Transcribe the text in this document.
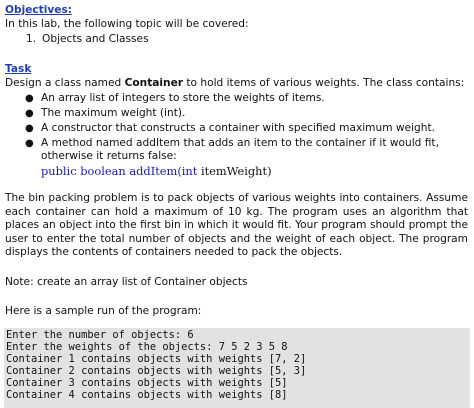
Objectives:
In this lab, the following topic will be covered:
1. Objects and Classes
Task
Design a class named Container to hold items of various weights. The class contains:
● An array list of integers to store the weights of items.
● The maximum weight (int).
● A constructor that constructs a container with specified maximum weight.
● A method named addItem that adds an item to the container if it would fit, otherwise it returns false:
public boolean addItem(int itemWeight)
The bin packing problem is to pack objects of various weights into containers. Assume each container can hold a maximum of 10 kg. The program uses an algorithm that places an object into the first bin in which it would fit. Your program should prompt the user to enter the total number of objects and the weight of each object. The program displays the contents of containers needed to pack the objects.
Note: create an array list of Container objects
Here is a sample run of the program:
Enter the number of objects: 6
Enter the weights of the objects: 7 5 2 3 5 8
Container 1 contains objects with weights [7, 2]
Container 2 contains objects with weights [5, 3]
Container 3 contains objects with weights [5]
Container 4 contains objects with weights [8]
